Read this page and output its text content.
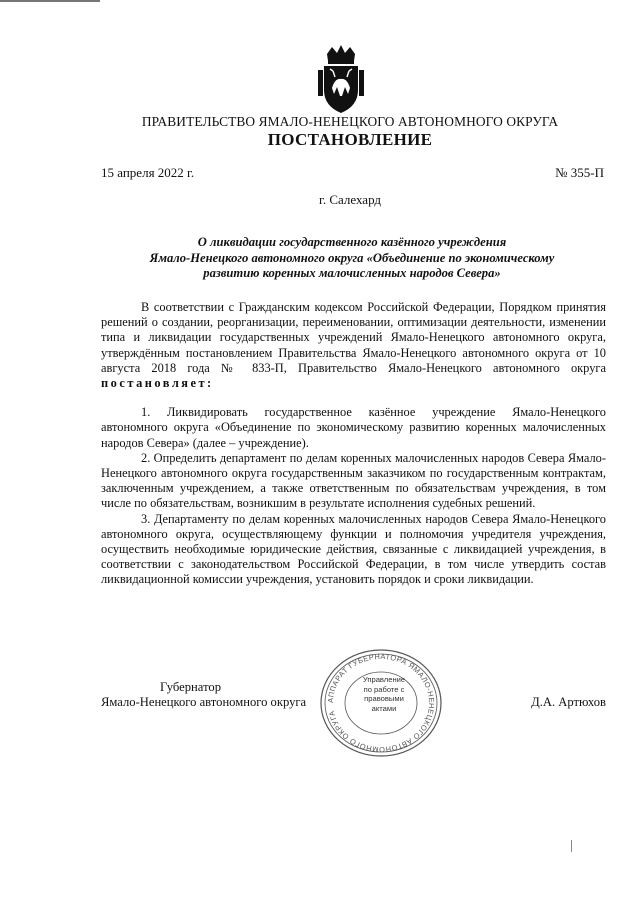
ПРАВИТЕЛЬСТВО ЯМАЛО-НЕНЕЦКОГО АВТОНОМНОГО ОКРУГА
ПОСТАНОВЛЕНИЕ
15 апреля 2022 г.	№ 355-П
г. Салехард
О ликвидации государственного казённого учреждения
Ямало-Ненецкого автономного округа «Объединение по экономическому
развитию коренных малочисленных народов Севера»

В соответствии с Гражданским кодексом Российской Федерации, Порядком принятия решений о создании, реорганизации, переименовании, оптимизации деятельности, изменении типа и ликвидации государственных учреждений Ямало-Ненецкого автономного округа, утверждённым постановлением Правительства Ямало-Ненецкого автономного округа от 10 августа 2018 года № 833-П, Правительство Ямало-Ненецкого автономного округа постановляет:

1. Ликвидировать государственное казённое учреждение Ямало-Ненецкого автономного округа «Объединение по экономическому развитию коренных малочисленных народов Севера» (далее – учреждение).

2. Определить департамент по делам коренных малочисленных народов Севера Ямало-Ненецкого автономного округа государственным заказчиком по государственным контрактам, заключенным учреждением, а также ответственным по обязательствам учреждения, в том числе по обязательствам, возникшим в результате исполнения судебных решений.

3. Департаменту по делам коренных малочисленных народов Севера Ямало-Ненецкого автономного округа, осуществляющему функции и полномочия учредителя учреждения, осуществить необходимые юридические действия, связанные с ликвидацией учреждения, в соответствии с законодательством Российской Федерации, в том числе утвердить состав ликвидационной комиссии учреждения, установить порядок и сроки ликвидации.

Губернатор
Ямало-Ненецкого автономного округа	Д.А. Артюхов
АППАРАТ ГУБЕРНАТОРА ЯМАЛО-НЕНЕЦКОГО АВТОНОМНОГО ОКРУГА
Управление по работе с правовыми актами
